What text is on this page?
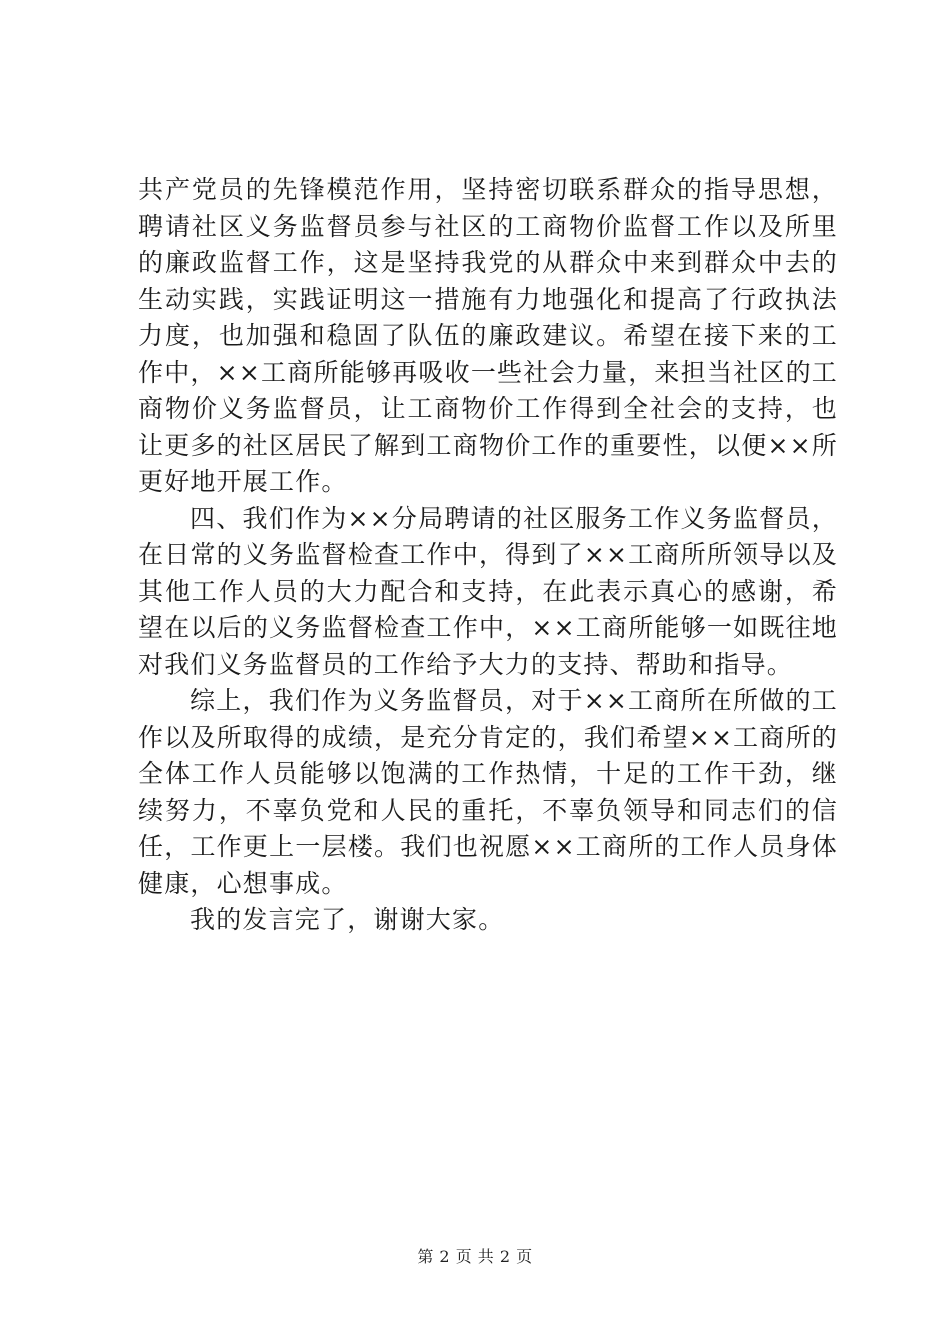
共产党员的先锋模范作用，坚持密切联系群众的指导思想，聘请社区义务监督员参与社区的工商物价监督工作以及所里的廉政监督工作，这是坚持我党的从群众中来到群众中去的生动实践，实践证明这一措施有力地强化和提高了行政执法力度，也加强和稳固了队伍的廉政建议。希望在接下来的工作中，××工商所能够再吸收一些社会力量，来担当社区的工商物价义务监督员，让工商物价工作得到全社会的支持，也让更多的社区居民了解到工商物价工作的重要性，以便××所更好地开展工作。

四、我们作为××分局聘请的社区服务工作义务监督员，在日常的义务监督检查工作中，得到了××工商所所领导以及其他工作人员的大力配合和支持，在此表示真心的感谢，希望在以后的义务监督检查工作中，××工商所能够一如既往地对我们义务监督员的工作给予大力的支持、帮助和指导。

综上，我们作为义务监督员，对于××工商所在所做的工作以及所取得的成绩，是充分肯定的，我们希望××工商所的全体工作人员能够以饱满的工作热情，十足的工作干劲，继续努力，不辜负党和人民的重托，不辜负领导和同志们的信任，工作更上一层楼。我们也祝愿××工商所的工作人员身体健康，心想事成。

我的发言完了，谢谢大家。

第 2 页 共 2 页
